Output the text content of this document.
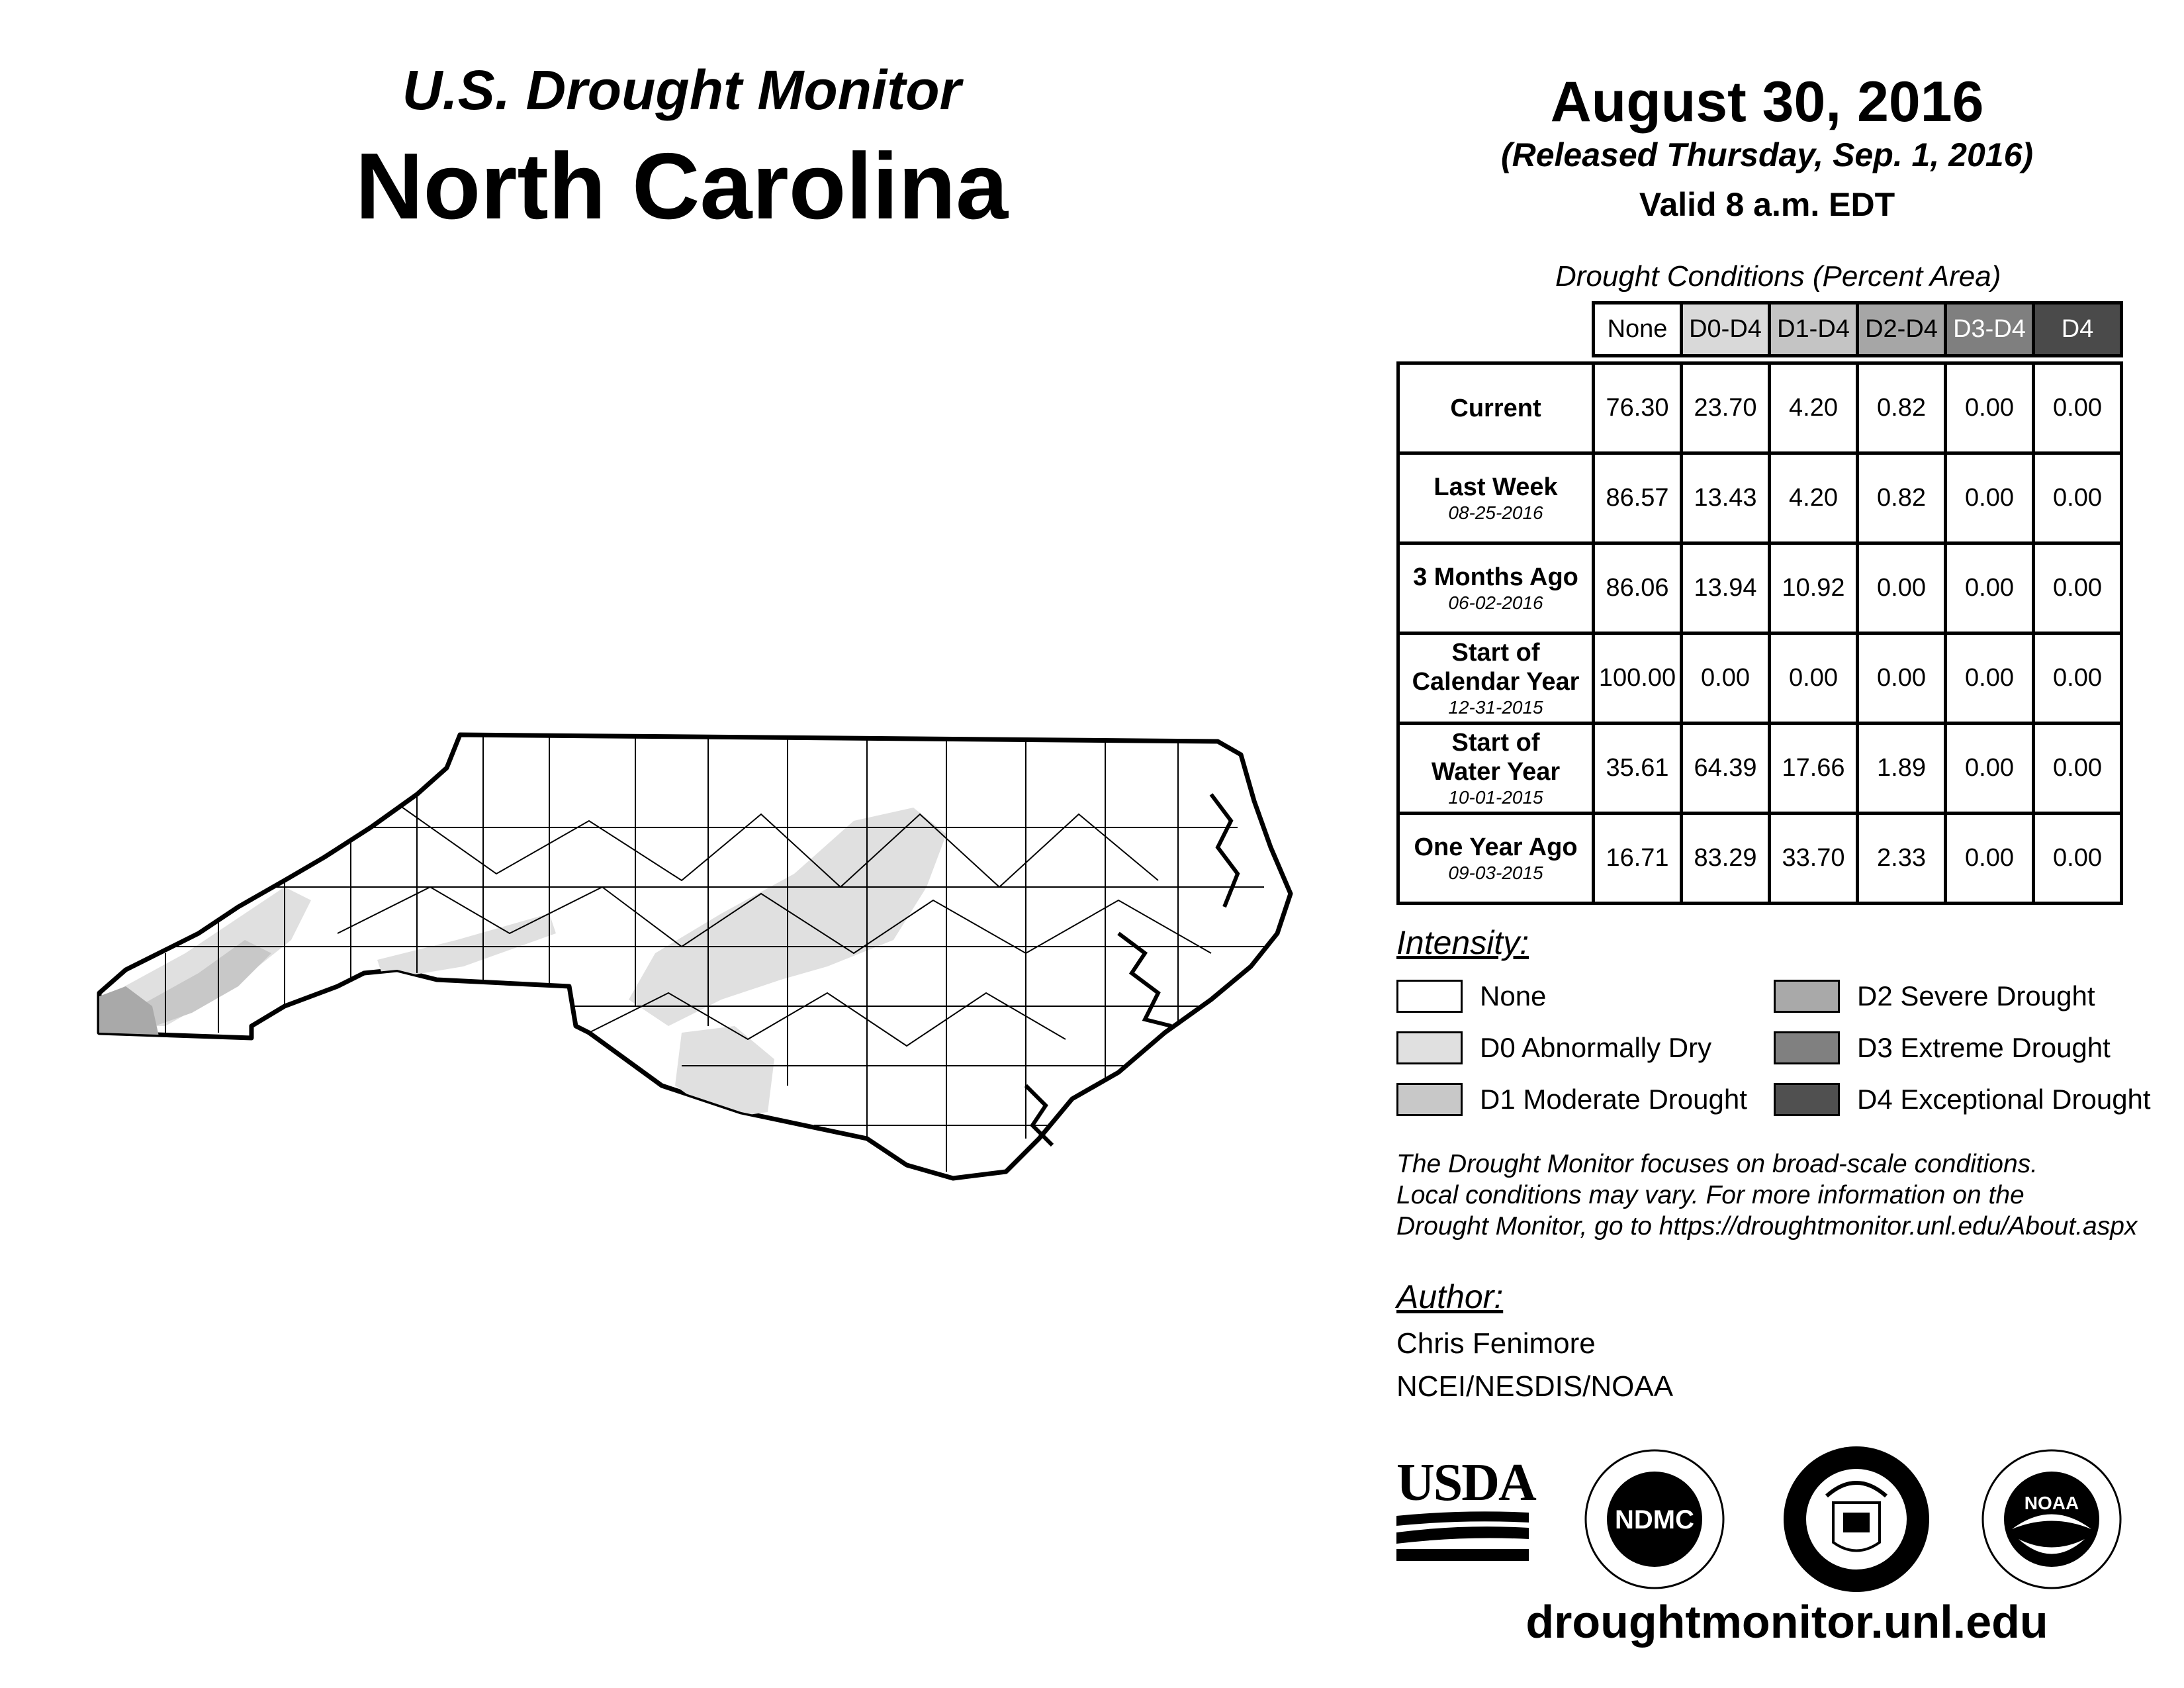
U.S. Drought Monitor
North Carolina
August 30, 2016
(Released Thursday, Sep. 1, 2016)
Valid 8 a.m. EDT
Drought Conditions (Percent Area)
	None	D0-D4	D1-D4	D2-D4	D3-D4	D4

Current	76.30	23.70	4.20	0.82	0.00	0.00

Last Week
08-25-2016	86.57	13.43	4.20	0.82	0.00	0.00

3 Months Ago
06-02-2016	86.06	13.94	10.92	0.00	0.00	0.00

Start of
Calendar Year
12-31-2015	100.00	0.00	0.00	0.00	0.00	0.00

Start of
Water Year
10-01-2015	35.61	64.39	17.66	1.89	0.00	0.00

One Year Ago
09-03-2015	16.71	83.29	33.70	2.33	0.00	0.00
Intensity:
None
D0 Abnormally Dry
D1 Moderate Drought
D2 Severe Drought
D3 Extreme Drought
D4 Exceptional Drought
The Drought Monitor focuses on broad-scale conditions.
Local conditions may vary. For more information on the
Drought Monitor, go to https://droughtmonitor.unl.edu/About.aspx
Author:
Chris Fenimore
NCEI/NESDIS/NOAA
USDA
NDMC
NOAA
droughtmonitor.unl.edu
